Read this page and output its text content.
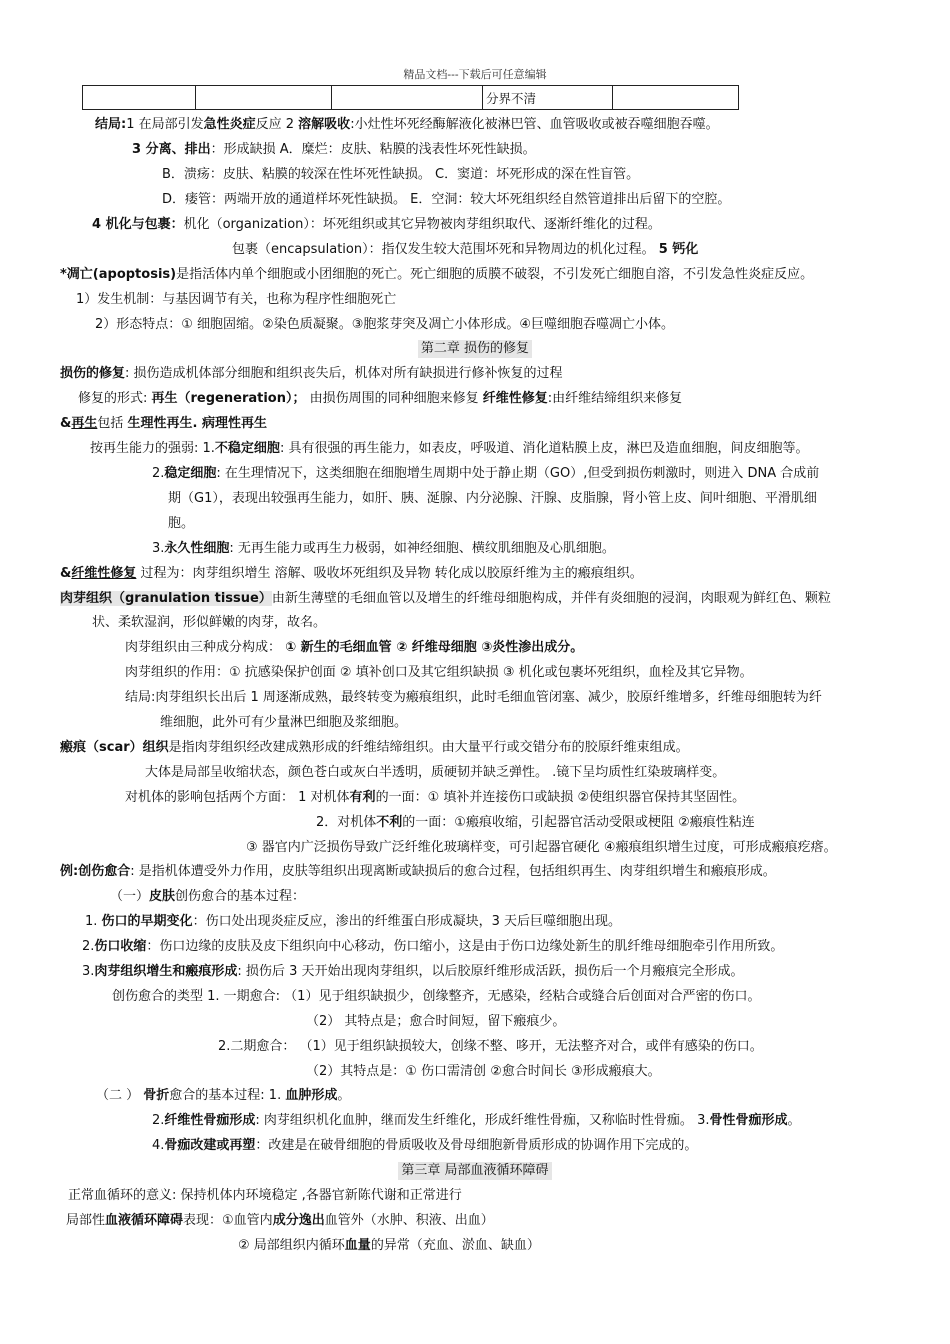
精品文档---下载后可任意编辑
			分界不清	
结局:1 在局部引发急性炎症反应 2 溶解吸收:小灶性坏死经酶解液化被淋巴管、血管吸收或被吞噬细胞吞噬。
3 分离、排出：形成缺损 A．糜烂：皮肤、粘膜的浅表性坏死性缺损。
B．溃疡：皮肤、粘膜的较深在性坏死性缺损。 C．窦道：坏死形成的深在性盲管。
D．瘘管：两端开放的通道样坏死性缺损。 E．空洞：较大坏死组织经自然管道排出后留下的空腔。
4 机化与包裹：机化（organization）：坏死组织或其它异物被肉芽组织取代、逐渐纤维化的过程。
包裹（encapsulation）：指仅发生较大范围坏死和异物周边的机化过程。 5 钙化
*凋亡(apoptosis)是指活体内单个细胞或小团细胞的死亡。死亡细胞的质膜不破裂，不引发死亡细胞自溶，不引发急性炎症反应。
1）发生机制：与基因调节有关，也称为程序性细胞死亡
2）形态特点：① 细胞固缩。②染色质凝聚。③胞浆芽突及凋亡小体形成。④巨噬细胞吞噬凋亡小体。
第二章 损伤的修复
损伤的修复: 损伤造成机体部分细胞和组织丧失后，机体对所有缺损进行修补恢复的过程
修复的形式: 再生（regeneration）； 由损伤周围的同种细胞来修复 纤维性修复:由纤维结缔组织来修复
&再生包括 生理性再生. 病理性再生
按再生能力的强弱: 1.不稳定细胞: 具有很强的再生能力，如表皮，呼吸道、消化道粘膜上皮，淋巴及造血细胞，间皮细胞等。
2.稳定细胞: 在生理情况下，这类细胞在细胞增生周期中处于静止期（GO）,但受到损伤刺激时，则进入 DNA 合成前
期（G1），表现出较强再生能力，如肝、胰、涎腺、内分泌腺、汗腺、皮脂腺，肾小管上皮、间叶细胞、平滑肌细
胞。
3.永久性细胞: 无再生能力或再生力极弱，如神经细胞、横纹肌细胞及心肌细胞。
&纤维性修复 过程为：肉芽组织增生 溶解、吸收坏死组织及异物 转化成以胶原纤维为主的瘢痕组织。
肉芽组织（granulation tissue）由新生薄壁的毛细血管以及增生的纤维母细胞构成，并伴有炎细胞的浸润，肉眼观为鲜红色、颗粒
状、柔软湿润，形似鲜嫩的肉芽，故名。
肉芽组织由三种成分构成： ① 新生的毛细血管 ② 纤维母细胞 ③炎性渗出成分。
肉芽组织的作用：① 抗感染保护创面 ② 填补创口及其它组织缺损 ③ 机化或包裹坏死组织，血栓及其它异物。
结局:肉芽组织长出后 1 周逐渐成熟，最终转变为瘢痕组织，此时毛细血管闭塞、减少，胶原纤维增多，纤维母细胞转为纤
维细胞，此外可有少量淋巴细胞及浆细胞。
瘢痕（scar）组织是指肉芽组织经改建成熟形成的纤维结缔组织。由大量平行或交错分布的胶原纤维束组成。
大体是局部呈收缩状态，颜色苍白或灰白半透明，质硬韧并缺乏弹性。 .镜下呈均质性红染玻璃样变。
对机体的影响包括两个方面： 1 对机体有利的一面：① 填补并连接伤口或缺损 ②使组织器官保持其坚固性。
2．对机体不利的一面：①瘢痕收缩，引起器官活动受限或梗阻 ②瘢痕性粘连
③ 器官内广泛损伤导致广泛纤维化玻璃样变，可引起器官硬化 ④瘢痕组织增生过度，可形成瘢痕疙瘩。
例:创伤愈合: 是指机体遭受外力作用，皮肤等组织出现离断或缺损后的愈合过程，包括组织再生、肉芽组织增生和瘢痕形成。
（一）皮肤创伤愈合的基本过程：
1. 伤口的早期变化：伤口处出现炎症反应，渗出的纤维蛋白形成凝块，3 天后巨噬细胞出现。
2.伤口收缩：伤口边缘的皮肤及皮下组织向中心移动，伤口缩小，这是由于伤口边缘处新生的肌纤维母细胞牵引作用所致。
3.肉芽组织增生和瘢痕形成: 损伤后 3 天开始出现肉芽组织，以后胶原纤维形成活跃，损伤后一个月瘢痕完全形成。
创伤愈合的类型 1. 一期愈合: （1）见于组织缺损少，创缘整齐，无感染，经粘合或缝合后创面对合严密的伤口。
（2） 其特点是；愈合时间短，留下瘢痕少。
2.二期愈合： （1）见于组织缺损较大，创缘不整、哆开，无法整齐对合，或伴有感染的伤口。
（2）其特点是：① 伤口需清创 ②愈合时间长 ③形成瘢痕大。
（二 ） 骨折愈合的基本过程: 1. 血肿形成。
2.纤维性骨痂形成: 肉芽组织机化血肿，继而发生纤维化，形成纤维性骨痂，又称临时性骨痂。 3.骨性骨痂形成。
4.骨痂改建或再塑：改建是在破骨细胞的骨质吸收及骨母细胞新骨质形成的协调作用下完成的。
第三章 局部血液循环障碍
正常血循环的意义: 保持机体内环境稳定 ,各器官新陈代谢和正常进行
局部性血液循环障碍表现：①血管内成分逸出血管外（水肿、积液、出血）
② 局部组织内循环血量的异常（充血、淤血、缺血）
